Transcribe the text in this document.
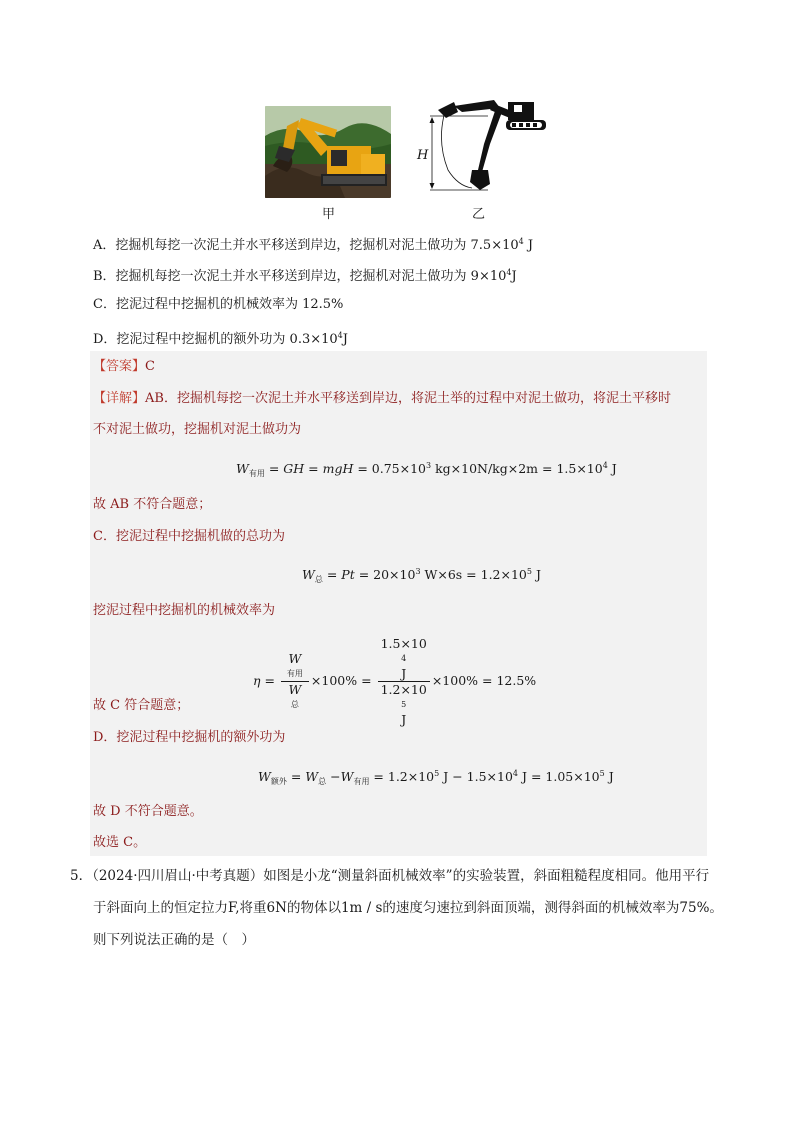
H
甲	乙
A．挖掘机每挖一次泥土并水平移送到岸边，挖掘机对泥土做功为 $7.5\times 10^4$ J
B．挖掘机每挖一次泥土并水平移送到岸边，挖掘机对泥土做功为 $9\times 10^4J$
C．挖泥过程中挖掘机的机械效率为 12.5%
D．挖泥过程中挖掘机的额外功为 $0.3\times 10^4J$
【答案】C
【详解】AB．挖掘机每挖一次泥土并水平移送到岸边，将泥土举的过程中对泥土做功，将泥土平移时
不对泥土做功，挖掘机对泥土做功为
$W_{有用}$ = GH = mgH = $0.75\times 10^3$ $kg\times 10N/kg\times 2m = 1.5\times 10^4$ J
故 AB 不符合题意；
C．挖泥过程中挖掘机做的总功为
$W_总 = Pt = 20\times 10^3$ $W\times 6s = 1.2\times 10^5$ J
挖泥过程中挖掘机的机械效率为
η = W
有用
W
总 ×100% = 1.5×10
4
J
1.2×10
5
J ×100% = 12.5%
故 C 符合题意；
D．挖泥过程中挖掘机的额外功为
$W_{额外} = W_总 -W_{有用} = 1.2\times 10^5$ $J - 1.5\times 10^4$ $J = 1.05\times 10^5$ J
故 D 不符合题意。
故选 C。
5．（2024·四川眉山·中考真题）如图是小龙“测量斜面机械效率”的实验装置，斜面粗糙程度相同。他用平行
于斜面向上的恒定拉力F,将重6N的物体以1m / s的速度匀速拉到斜面顶端，测得斜面的机械效率为75%。
则下列说法正确的是（　）
